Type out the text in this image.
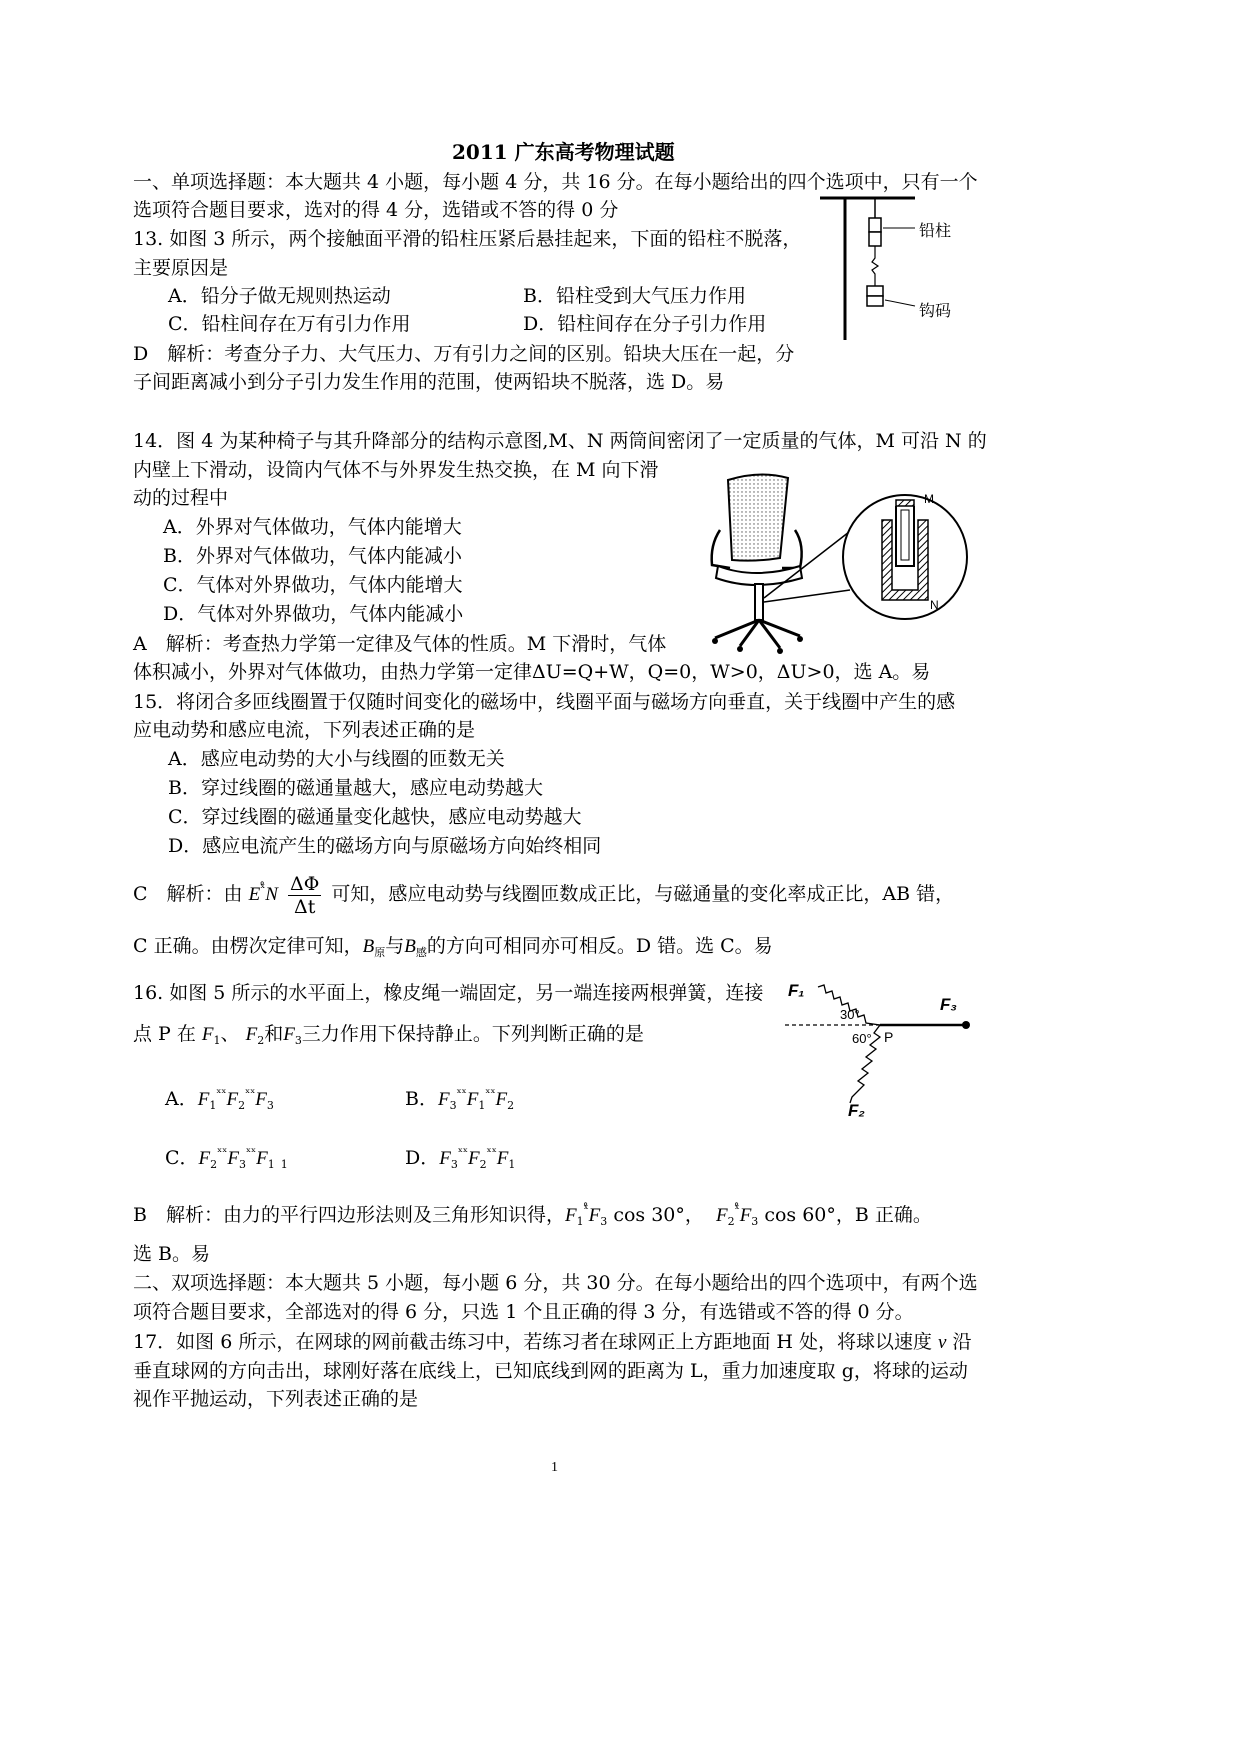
2011 广东高考物理试题
一、单项选择题：本大题共 4 小题，每小题 4 分，共 16 分。在每小题给出的四个选项中，只有一个
选项符合题目要求，选对的得 4 分，选错或不答的得 0 分
13. 如图 3 所示，两个接触面平滑的铅柱压紧后悬挂起来，下面的铅柱不脱落，
主要原因是
A．铅分子做无规则热运动	B．铅柱受到大气压力作用
C．铅柱间存在万有引力作用	D．铅柱间存在分子引力作用
D　解析：考查分子力、大气压力、万有引力之间的区别。铅块大压在一起，分
子间距离减小到分子引力发生作用的范围，使两铅块不脱落，选 D。易
铅柱
钩码
14．图 4 为某种椅子与其升降部分的结构示意图,M、N 两筒间密闭了一定质量的气体，M 可沿 N 的
内壁上下滑动，设筒内气体不与外界发生热交换，在 M 向下滑
动的过程中
A．外界对气体做功，气体内能增大
B．外界对气体做功，气体内能减小
C．气体对外界做功，气体内能增大
D．气体对外界做功，气体内能减小
A　解析：考查热力学第一定律及气体的性质。M 下滑时，气体
体积减小，外界对气体做功，由热力学第一定律ΔU=Q+W，Q=0，W>0，ΔU>0，选 A。易
M
N
15．将闭合多匝线圈置于仅随时间变化的磁场中，线圈平面与磁场方向垂直，关于线圈中产生的感
应电动势和感应电流，下列表述正确的是
A．感应电动势的大小与线圈的匝数无关
B．穿过线圈的磁通量越大，感应电动势越大
C．穿过线圈的磁通量变化越快，感应电动势越大
D．感应电流产生的磁场方向与原磁场方向始终相同
C　解析：由 $E^{ˣ̊}N \frac{\Delta\Phi}{\Delta t}$ 可知，感应电动势与线圈匝数成正比，与磁通量的变化率成正比，AB 错，
C 正确。由楞次定律可知，$B_原$与$B_感$的方向可相同亦可相反。D 错。选 C。易
16. 如图 5 所示的水平面上，橡皮绳一端固定，另一端连接两根弹簧，连接
点 P 在 $F_1$、 $F_2$和$F_3$三力作用下保持静止。下列判断正确的是
A．$F_1^{ˣˣ}F_2^{ˣˣ}F_3$	B．$F_3^{ˣˣ}F_1^{ˣˣ}F_2$
C．$F_2^{ˣˣ}F_3^{ˣˣ}F_1$ $_1$	D．$F_3^{ˣˣ}F_2^{ˣˣ}F_1$
B　解析：由力的平行四边形法则及三角形知识得，$F_1^{ˣ̊}F_3$ cos 30°， $F_2^{ˣ̊}F_3$ cos 60°，B 正确。
选 B。易
F₁
F₃
F₂
P
30°
60°
二、双项选择题：本大题共 5 小题，每小题 6 分，共 30 分。在每小题给出的四个选项中，有两个选
项符合题目要求，全部选对的得 6 分，只选 1 个且正确的得 3 分，有选错或不答的得 0 分。
17．如图 6 所示，在网球的网前截击练习中，若练习者在球网正上方距地面 H 处，将球以速度 v 沿
垂直球网的方向击出，球刚好落在底线上，已知底线到网的距离为 L，重力加速度取 g，将球的运动
视作平抛运动，下列表述正确的是
1
